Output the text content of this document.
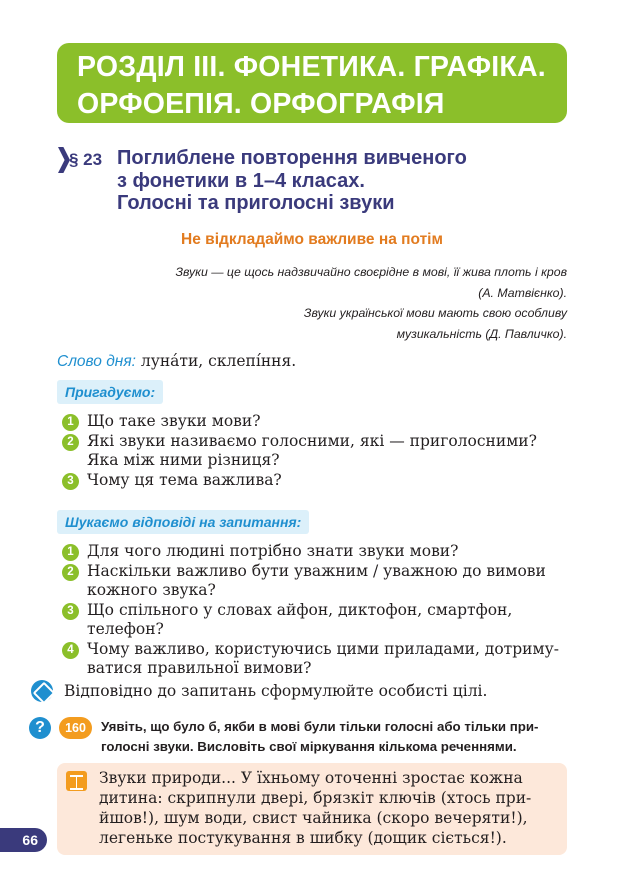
РОЗДІЛ ІІІ. ФОНЕТИКА. ГРАФІКА.
ОРФОЕПІЯ. ОРФОГРАФІЯ
§ 23 Поглиблене повторення вивченого
з фонетики в 1–4 класах.
Голосні та приголосні звуки
Не відкладаймо важливе на потім
Звуки — це щось надзвичайно своєрідне в мові, її жива плоть і кров
(А. Матвієнко).
Звуки української мови мають свою особливу
музикальність (Д. Павличко).
Слово дня: луна́ти, склепі́ння.
Пригадуємо:
1 Що таке звуки мови?
2 Які звуки називаємо голосними, які — приголосними?
Яка між ними різниця?
3 Чому ця тема важлива?
Шукаємо відповіді на запитання:
1 Для чого людині потрібно знати звуки мови?
2 Наскільки важливо бути уважним / уважною до вимови
кожного звука?
3 Що спільного у словах айфон, диктофон, смартфон,
телефон?
4 Чому важливо, користуючись цими приладами, дотриму-
ватися правильної вимови?
Відповідно до запитань сформулюйте особисті цілі.
?	160	Уявіть, що було б, якби в мові були тільки голосні або тільки при-
голосні звуки. Висловіть свої міркування кількома реченнями.
Звуки природи... У їхньому оточенні зростає кожна
дитина: скрипнули двері, брязкіт ключів (хтось при-
йшов!), шум води, свист чайника (скоро вечеряти!),
легеньке постукування в шибку (дощик сіється!).
66
